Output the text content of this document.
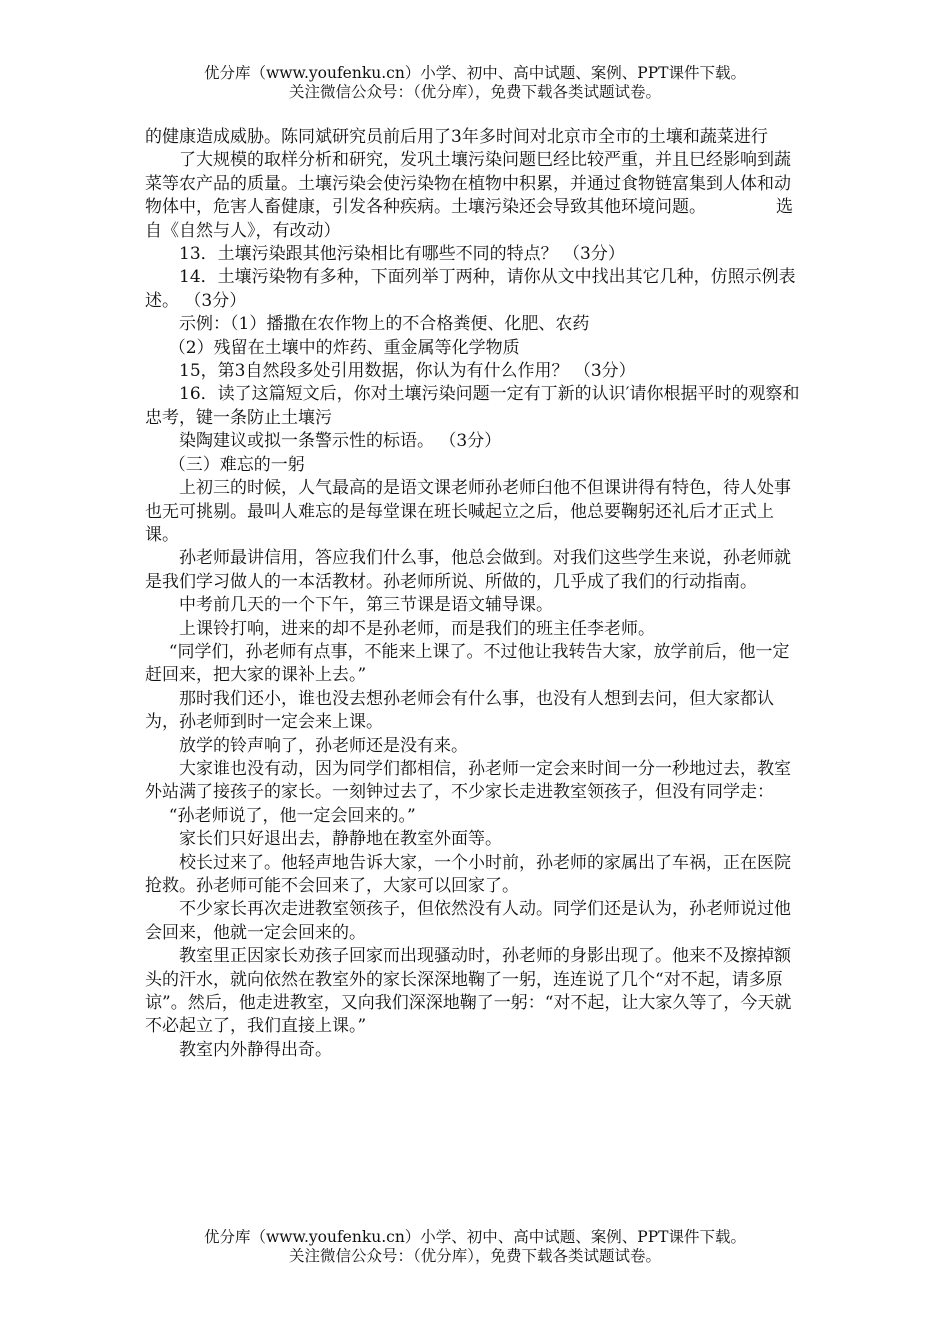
优分库（www.youfenku.cn）小学、初中、高中试题、案例、PPT课件下载。
关注微信公众号：（优分库），免费下载各类试题试卷。

的健康造成威胁。陈同斌研究员前后用了3年多时间对北京市全市的土壤和蔬菜进行

了大规模的取样分析和研究，发巩土壤污染问题巳经比较严重，并且巳经影响到蔬菜等农产品的质量。土壤污染会使污染物在植物中积累，并通过食物链富集到人体和动物体中，危害人畜健康，引发各种疾病。土壤污染还会导致其他环境问题。	选自《自然与人》，有改动）

13．土壤污染跟其他污染相比有哪些不同的特点？ （3分）

14．土壤污染物有多种，下面列举丁两种，请你从文中找出其它几种，仿照示例表述。 （3分）

示例：（1）播撒在农作物上的不合格粪便、化肥、农药

（2）残留在土壤中的炸药、重金属等化学物质

15，第3自然段多处引用数据，你认为有什么作用？ （3分）

16．读了这篇短文后，你对土壤污染问题一定有丁新的认识′请你根据平时的观察和忠考，键一条防止土壤污

染陶建议或拟一条警示性的标语。 （3分）

（三）难忘的一躬

上初三的时候，人气最高的是语文课老师孙老师臼他不但课讲得有特色，待人处事也无可挑剔。最叫人难忘的是每堂课在班长喊起立之后，他总要鞠躬还礼后才正式上课。

孙老师最讲信用，答应我们什么事，他总会做到。对我们这些学生来说，孙老师就是我们学习做人的一本活教材。孙老师所说、所做的，几乎成了我们的行动指南。

中考前几天的一个下午，第三节课是语文辅导课。

上课铃打响，进来的却不是孙老师，而是我们的班主任李老师。

“同学们，孙老师有点事，不能来上课了。不过他让我转告大家，放学前后，他一定赶回来，把大家的课补上去。”

那时我们还小，谁也没去想孙老师会有什么事，也没有人想到去问，但大家都认为，孙老师到时一定会来上课。

放学的铃声响了，孙老师还是没有来。

大家谁也没有动，因为同学们都相信，孙老师一定会来时间一分一秒地过去，教室外站满了接孩子的家长。一刻钟过去了，不少家长走进教室领孩子，但没有同学走：

“孙老师说了，他一定会回来的。”

家长们只好退出去，静静地在教室外面等。

校长过来了。他轻声地告诉大家，一个小时前，孙老师的家属出了车祸，正在医院抢救。孙老师可能不会回来了，大家可以回家了。

不少家长再次走进教室领孩子，但依然没有人动。同学们还是认为，孙老师说过他会回来，他就一定会回来的。

教室里正因家长劝孩子回家而出现骚动时，孙老师的身影出现了。他来不及擦掉额头的汗水，就向依然在教室外的家长深深地鞠了一躬，连连说了几个“对不起，请多原谅”。然后，他走进教室，又向我们深深地鞠了一躬：“对不起，让大家久等了，今天就不必起立了，我们直接上课。”

教室内外静得出奇。

优分库（www.youfenku.cn）小学、初中、高中试题、案例、PPT课件下载。
关注微信公众号：（优分库），免费下载各类试题试卷。
